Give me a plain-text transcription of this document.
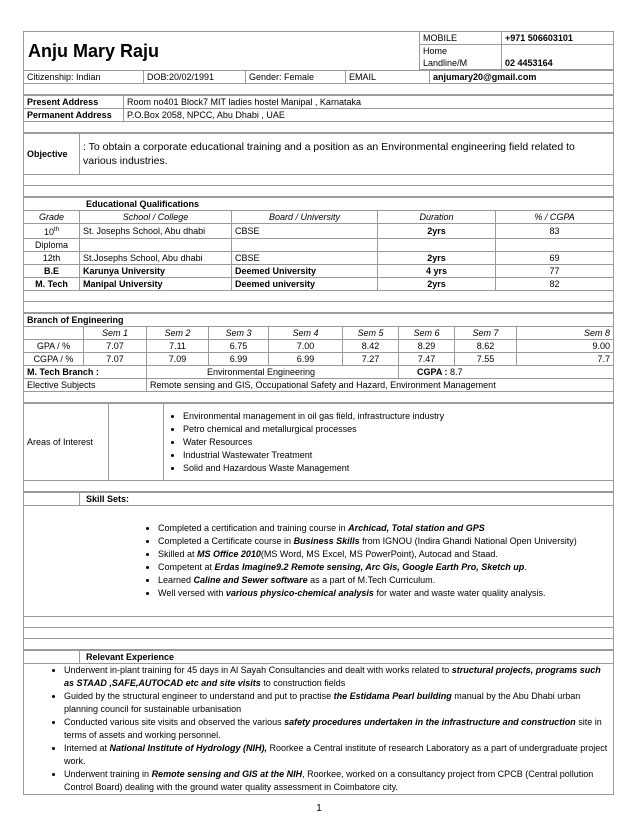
Anju Mary Raju	MOBILE	+971 506603101

	Home
Landline/M	02 4453164
Citizenship: Indian	DOB:20/02/1991	Gender: Female	EMAIL	anjumary20@gmail.com

Present Address	Room no401 Block7 MIT ladies hostel Manipal , Karnataka
Permanent Address	P.O.Box 2058, NPCC, Abu Dhabi , UAE

Objective	: To obtain a corporate educational training and a position as an Environmental engineering field related to various industries.

Educational Qualifications				
Grade	School / College	Board / University	Duration	% / CGPA
10th	St. Josephs School, Abu dhabi	CBSE	2yrs	83
Diploma				
12th	St.Josephs School, Abu dhabi	CBSE	2yrs	69
B.E	Karunya University	Deemed University	4 yrs	77
M. Tech	Manipal University	Deemed university	2yrs	82

Branch of Engineering								
	Sem 1	Sem 2	Sem 3	Sem 4	Sem 5	Sem 6	Sem 7	Sem 8
GPA / %	7.07	7.11	6.75	7.00	8.42	8.29	8.62	9.00
CGPA / %	7.07	7.09	6.99	6.99	7.27	7.47	7.55	7.7
M. Tech Branch :		Environmental Engineering				CGPA : 8.7		
Elective Subjects		Remote sensing and GIS, Occupational Safety and Hazard, Environment Management						

Areas of Interest		
• Environmental management in oil gas field, infrastructure industry
• Petro chemical and metallurgical processes
• Water Resources
• Industrial Wastewater Treatment
• Solid and Hazardous Waste Management

	Skill Sets:

• Completed a certification and training course in Archicad, Total station and GPS
• Completed a Certificate course in Business Skills from IGNOU (Indira Ghandi National Open University)
• Skilled at MS Office 2010(MS Word, MS Excel, MS PowerPoint), Autocad and Staad.
• Competent at Erdas Imagine9.2 Remote sensing, Arc Gis, Google Earth Pro, Sketch up.
• Learned Caline and Sewer software as a part of M.Tech Curriculum.
• Well versed with various physico-chemical analysis for water and waste water quality analysis.

	Relevant Experience

• Underwent in-plant training for 45 days in Al Sayah Consultancies and dealt with works related to structural projects, programs such as STAAD ,SAFE,AUTOCAD etc and site visits to construction fields
• Guided by the structural engineer to understand and put to practise the Estidama Pearl building manual by the Abu Dhabi urban planning council for sustainable urbanisation
• Conducted various site visits and observed the various safety procedures undertaken in the infrastructure and construction site in terms of assets and working personnel.
• Interned at National Institute of Hydrology (NIH), Roorkee a Central institute of research Laboratory as a part of undergraduate project work.
• Underwent training in Remote sensing and GIS at the NIH, Roorkee, worked on a consultancy project from CPCB (Central pollution Control Board) dealing with the ground water quality assessment in Coimbatore city.
1
